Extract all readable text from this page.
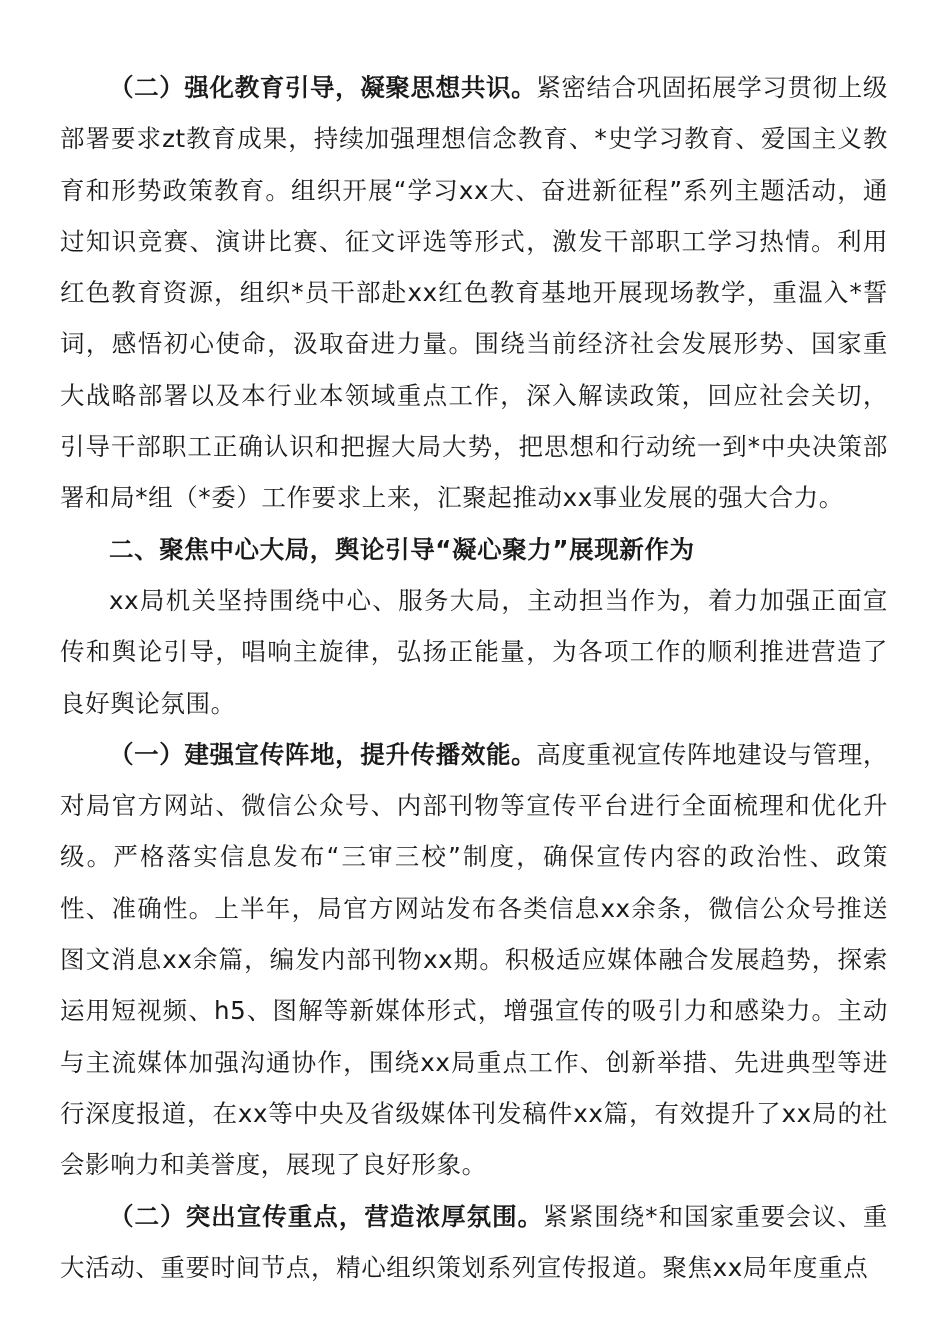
（二）强化教育引导，凝聚思想共识。紧密结合巩固拓展学习贯彻上级部署要求zt教育成果，持续加强理想信念教育、*史学习教育、爱国主义教育和形势政策教育。组织开展“学习xx大、奋进新征程”系列主题活动，通过知识竞赛、演讲比赛、征文评选等形式，激发干部职工学习热情。利用红色教育资源，组织*员干部赴xx红色教育基地开展现场教学，重温入*誓词，感悟初心使命，汲取奋进力量。围绕当前经济社会发展形势、国家重大战略部署以及本行业本领域重点工作，深入解读政策，回应社会关切，引导干部职工正确认识和把握大局大势，把思想和行动统一到*中央决策部署和局*组（*委）工作要求上来，汇聚起推动xx事业发展的强大合力。

二、聚焦中心大局，舆论引导“凝心聚力”展现新作为

xx局机关坚持围绕中心、服务大局，主动担当作为，着力加强正面宣传和舆论引导，唱响主旋律，弘扬正能量，为各项工作的顺利推进营造了良好舆论氛围。

（一）建强宣传阵地，提升传播效能。高度重视宣传阵地建设与管理，对局官方网站、微信公众号、内部刊物等宣传平台进行全面梳理和优化升级。严格落实信息发布“三审三校”制度，确保宣传内容的政治性、政策性、准确性。上半年，局官方网站发布各类信息xx余条，微信公众号推送图文消息xx余篇，编发内部刊物xx期。积极适应媒体融合发展趋势，探索运用短视频、h5、图解等新媒体形式，增强宣传的吸引力和感染力。主动与主流媒体加强沟通协作，围绕xx局重点工作、创新举措、先进典型等进行深度报道，在xx等中央及省级媒体刊发稿件xx篇，有效提升了xx局的社会影响力和美誉度，展现了良好形象。

（二）突出宣传重点，营造浓厚氛围。紧紧围绕*和国家重要会议、重大活动、重要时间节点，精心组织策划系列宣传报道。聚焦xx局年度重点
